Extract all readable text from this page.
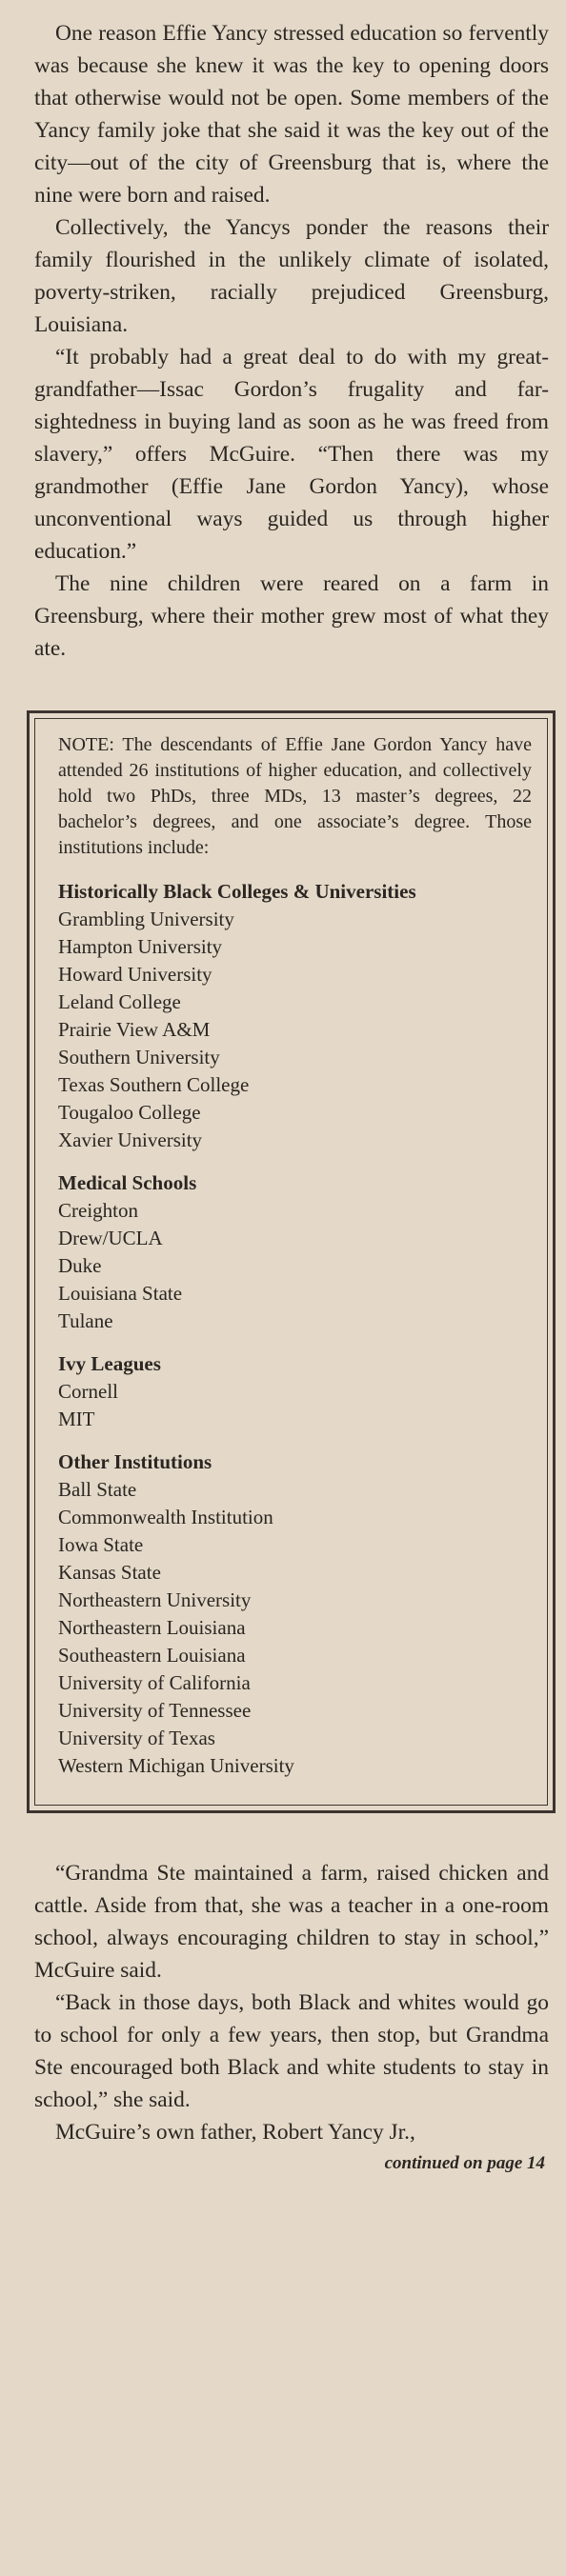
One reason Effie Yancy stressed education so fervently was because she knew it was the key to opening doors that otherwise would not be open. Some members of the Yancy family joke that she said it was the key out of the city—out of the city of Greensburg that is, where the nine were born and raised.

Collectively, the Yancys ponder the reasons their family flourished in the unlikely climate of isolated, poverty-striken, racially prejudiced Greensburg, Louisiana.

“It probably had a great deal to do with my great-grandfather—Issac Gordon’s frugality and far-sightedness in buying land as soon as he was freed from slavery,” offers McGuire. “Then there was my grandmother (Effie Jane Gordon Yancy), whose unconventional ways guided us through higher education.”

The nine children were reared on a farm in Greensburg, where their mother grew most of what they ate.

NOTE: The descendants of Effie Jane Gordon Yancy have attended 26 institutions of higher education, and collectively hold two PhDs, three MDs, 13 master’s degrees, 22 bachelor’s degrees, and one associate’s degree. Those institutions include:

Historically Black Colleges & Universities
Grambling University
Hampton University
Howard University
Leland College
Prairie View A&M
Southern University
Texas Southern College
Tougaloo College
Xavier University
Medical Schools
Creighton
Drew/UCLA
Duke
Louisiana State
Tulane
Ivy Leagues
Cornell
MIT
Other Institutions
Ball State
Commonwealth Institution
Iowa State
Kansas State
Northeastern University
Northeastern Louisiana
Southeastern Louisiana
University of California
University of Tennessee
University of Texas
Western Michigan University

“Grandma Ste maintained a farm, raised chicken and cattle. Aside from that, she was a teacher in a one-room school, always encouraging children to stay in school,” McGuire said.

“Back in those days, both Black and whites would go to school for only a few years, then stop, but Grandma Ste encouraged both Black and white students to stay in school,” she said.

McGuire’s own father, Robert Yancy Jr.,

continued on page 14
